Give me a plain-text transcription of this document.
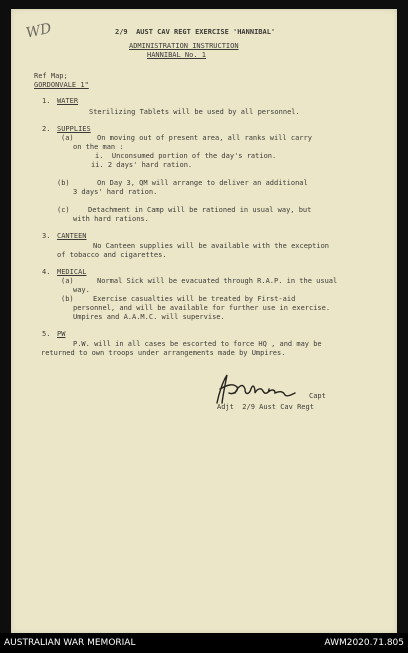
WD	2/9  AUST CAV REGT EXERCISE 'HANNIBAL'

ADMINISTRATION INSTRUCTION

HANNIBAL No. 1

Ref Map;

GORDONVALE 1"

1. WATER

Sterilizing Tablets will be used by all personnel.

2. SUPPLIES

(a)	On moving out of present area, all ranks will carry

on the man :

i.  Unconsumed portion of the day's ration.

ii. 2 days' hard ration.

(b)	On Day 3, QM will arrange to deliver an additional

3 days' hard ration.

(c)	Detachment in Camp will be rationed in usual way, but

with hard rations.

3. CANTEEN

No Canteen supplies will be available with the exception

of tobacco and cigarettes.

4. MEDICAL

(a)	Normal Sick will be evacuated through R.A.P. in the usual

way.

(b)	Exercise casualties will be treated by First-aid

personnel, and will be available for further use in exercise.

Umpires and A.A.M.C. will supervise.

5. PW

P.W. will in all cases be escorted to force HQ , and may be

returned to own troops under arrangements made by Umpires.

Capt

Adjt  2/9 Aust Cav Regt

AUSTRALIAN WAR MEMORIAL	AWM2020.71.805
